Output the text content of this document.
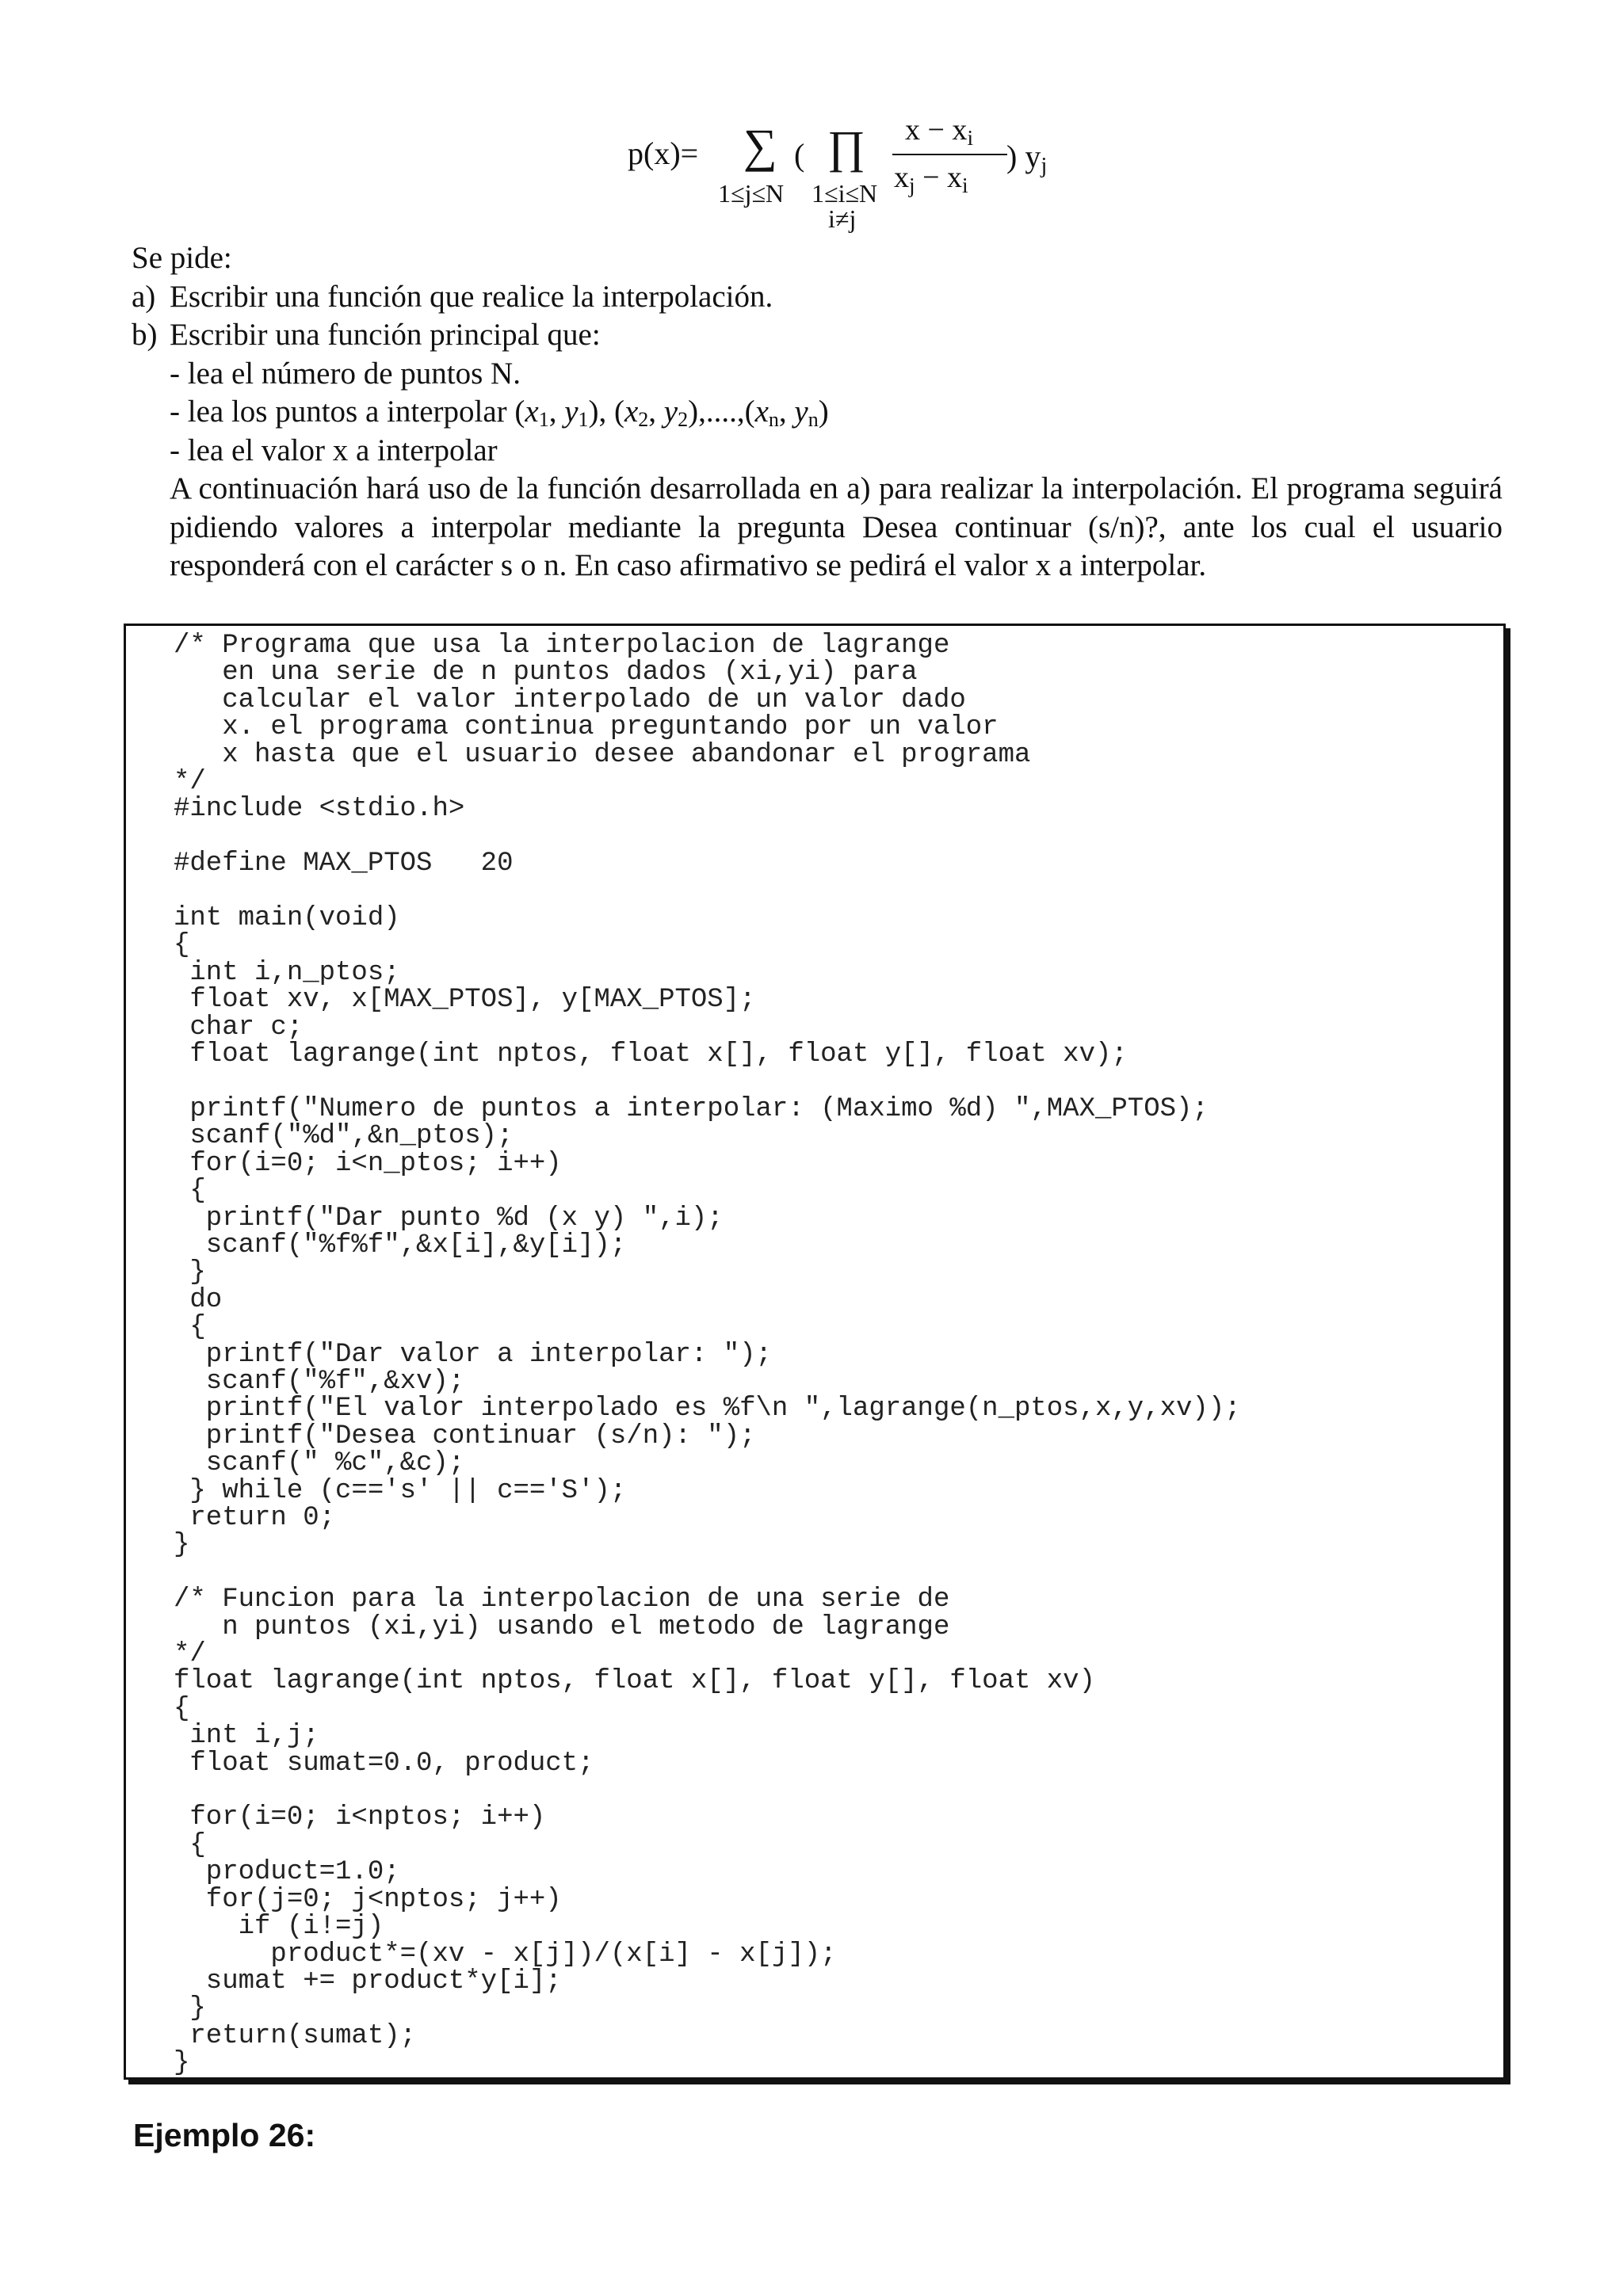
p(x)= ∑
1≤j≤N
( ∏
1≤i≤N
i≠j
$x - x_i$
$x_j - x_i$
) $y_j$
Se pide:
a) Escribir una función que realice la interpolación.
b) Escribir una función principal que:
- lea el número de puntos N.
- lea los puntos a interpolar ($x_1$, $y_1$), ($x_2$, $y_2),....,(x_n$, $y_n$)
- lea el valor x a interpolar
A continuación hará uso de la función desarrollada en a) para realizar la interpolación. El programa seguirá pidiendo valores a interpolar mediante la pregunta Desea continuar (s/n)?, ante los cual el usuario responderá con el carácter s o n. En caso afirmativo se pedirá el valor x a interpolar.
/* Programa que usa la interpolacion de lagrange
en una serie de n puntos dados (xi,yi) para
calcular el valor interpolado de un valor dado
x. el programa continua preguntando por un valor
x hasta que el usuario desee abandonar el programa
*/
#include <stdio.h>

#define MAX_PTOS   20

int main(void)
{
int i,n_ptos;
float xv, x[MAX_PTOS], y[MAX_PTOS];
char c;
float lagrange(int nptos, float x[], float y[], float xv);

printf("Numero de puntos a interpolar: (Maximo %d) ",MAX_PTOS);
scanf("%d",&n_ptos);
for(i=0; i<n_ptos; i++)
{
printf("Dar punto %d (x y) ",i);
scanf("%f%f",&x[i],&y[i]);
}
do
{
printf("Dar valor a interpolar: ");
scanf("%f",&xv);
printf("El valor interpolado es %f\n ",lagrange(n_ptos,x,y,xv));
printf("Desea continuar (s/n): ");
scanf(" %c",&c);
} while (c=='s' || c=='S');
return 0;
}

/* Funcion para la interpolacion de una serie de
n puntos (xi,yi) usando el metodo de lagrange
*/
float lagrange(int nptos, float x[], float y[], float xv)
{
int i,j;
float sumat=0.0, product;

for(i=0; i<nptos; i++)
{
product=1.0;
for(j=0; j<nptos; j++)
if (i!=j)
product*=(xv - x[j])/(x[i] - x[j]);
sumat += product*y[i];
}
return(sumat);
}
Ejemplo 26:
